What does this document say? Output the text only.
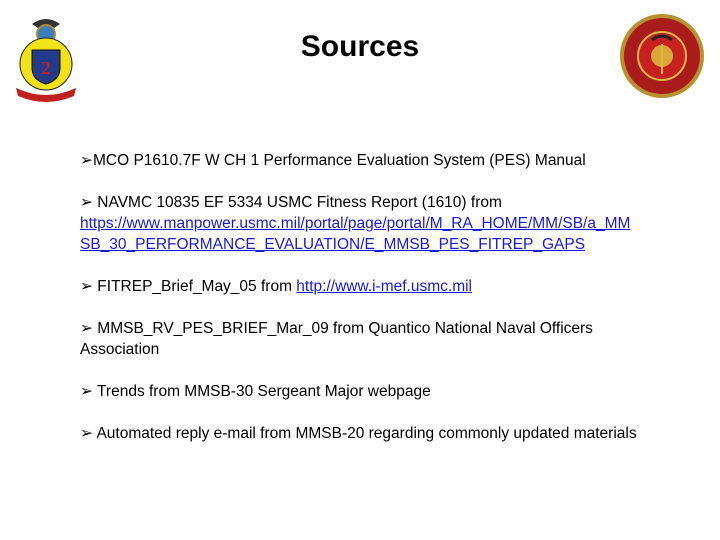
2
Sources
➢MCO P1610.7F W CH 1 Performance Evaluation System (PES) Manual
➢ NAVMC 10835 EF 5334 USMC Fitness Report (1610) from
https://www.manpower.usmc.mil/portal/page/portal/M_RA_HOME/MM/SB/a_MMSB_30_PERFORMANCE_EVALUATION/E_MMSB_PES_FITREP_GAPS
➢ FITREP_Brief_May_05 from http://www.i-mef.usmc.mil
➢ MMSB_RV_PES_BRIEF_Mar_09 from Quantico National Naval Officers Association
➢ Trends from MMSB-30 Sergeant Major webpage
➢ Automated reply e-mail from MMSB-20 regarding commonly updated materials
